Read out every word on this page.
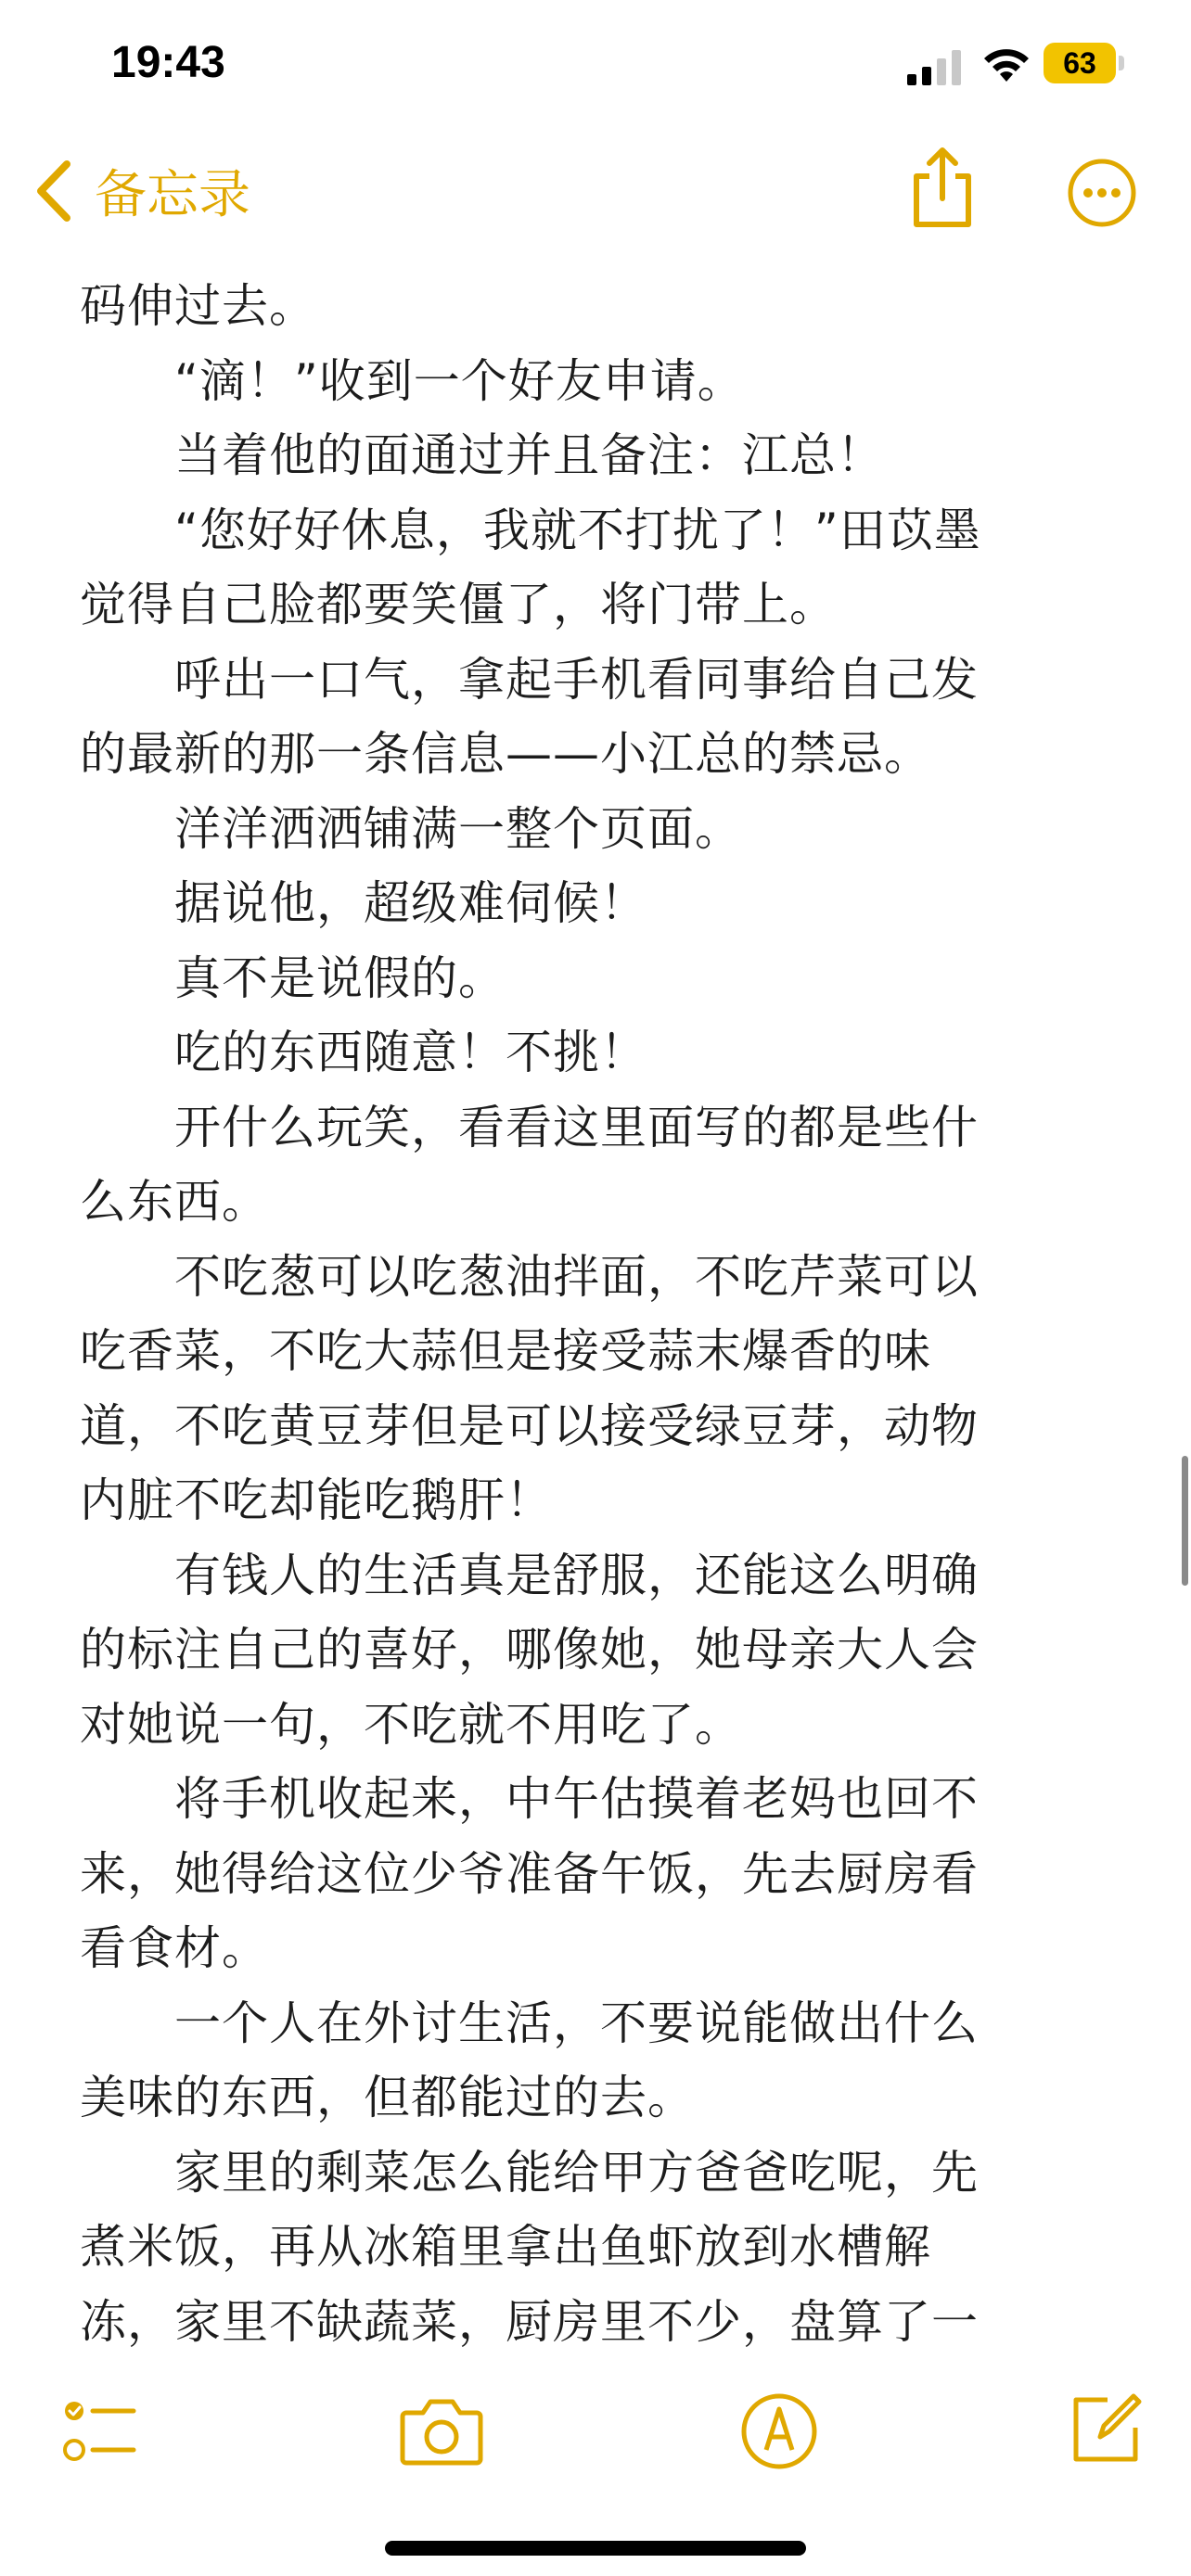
19:43	63
备忘录
码伸过去。
　　“滴！”收到一个好友申请。
　　当着他的面通过并且备注：江总！
　　“您好好休息，我就不打扰了！”田苡墨
觉得自己脸都要笑僵了，将门带上。
　　呼出一口气，拿起手机看同事给自己发
的最新的那一条信息——小江总的禁忌。
　　洋洋洒洒铺满一整个页面。
　　据说他，超级难伺候！
　　真不是说假的。
　　吃的东西随意！不挑！
　　开什么玩笑，看看这里面写的都是些什
么东西。
　　不吃葱可以吃葱油拌面，不吃芹菜可以
吃香菜，不吃大蒜但是接受蒜末爆香的味
道，不吃黄豆芽但是可以接受绿豆芽，动物
内脏不吃却能吃鹅肝！
　　有钱人的生活真是舒服，还能这么明确
的标注自己的喜好，哪像她，她母亲大人会
对她说一句，不吃就不用吃了。
　　将手机收起来，中午估摸着老妈也回不
来，她得给这位少爷准备午饭，先去厨房看
看食材。
　　一个人在外讨生活，不要说能做出什么
美味的东西，但都能过的去。
　　家里的剩菜怎么能给甲方爸爸吃呢，先
煮米饭，再从冰箱里拿出鱼虾放到水槽解
冻，家里不缺蔬菜，厨房里不少，盘算了一
